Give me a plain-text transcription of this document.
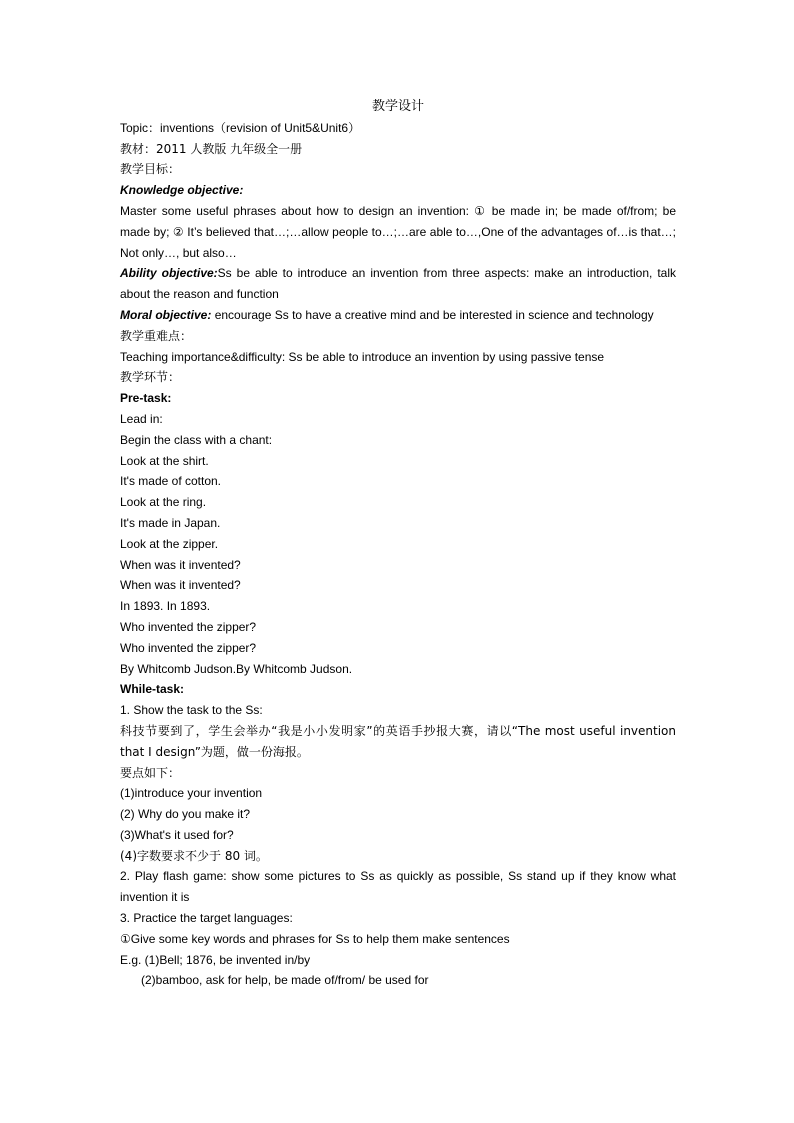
教学设计
Topic：inventions（revision of Unit5&Unit6）
教材：2011 人教版 九年级全一册
教学目标：
Knowledge objective:
Master some useful phrases about how to design an invention: ① be made in; be made of/from; be made by; ② It’s believed that…;…allow people to…;…are able to…,One of the advantages of…is that…; Not only…, but also…
Ability objective:Ss be able to introduce an invention from three aspects: make an introduction, talk about the reason and function
Moral objective: encourage Ss to have a creative mind and be interested in science and technology
教学重难点：
Teaching importance&difficulty: Ss be able to introduce an invention by using passive tense
教学环节：
Pre-task:
Lead in:
Begin the class with a chant:
Look at the shirt.
It's made of cotton.
Look at the ring.
It's made in Japan.
Look at the zipper.
When was it invented?
When was it invented?
In 1893. In 1893.
Who invented the zipper?
Who invented the zipper?
By Whitcomb Judson.By Whitcomb Judson.
While-task:
1. Show the task to the Ss:
科技节要到了，学生会举办“我是小小发明家”的英语手抄报大赛，请以“The most useful invention that I design”为题，做一份海报。
要点如下：
(1)introduce your invention
(2) Why do you make it?
(3)What's it used for?
(4)字数要求不少于 80 词。
2. Play flash game: show some pictures to Ss as quickly as possible, Ss stand up if they know what invention it is
3. Practice the target languages:
①Give some key words and phrases for Ss to help them make sentences
E.g. (1)Bell; 1876, be invented in/by
(2)bamboo, ask for help, be made of/from/ be used for
